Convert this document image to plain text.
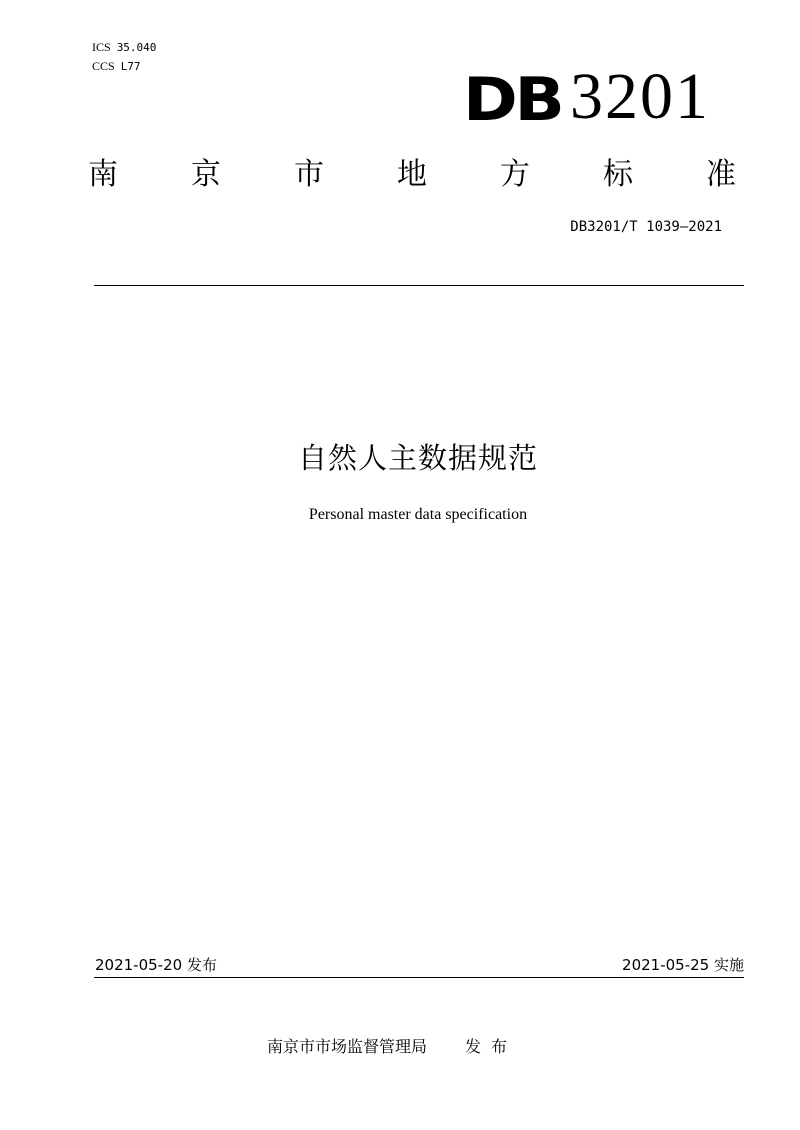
ICS 35.040
CCS L77	DB 3201
南 京 市 地 方 标 准
DB3201/T 1039—2021
自然人主数据规范
Personal master data specification
2021-05-20 发布	2021-05-25 实施
南京市市场监督管理局 发布
